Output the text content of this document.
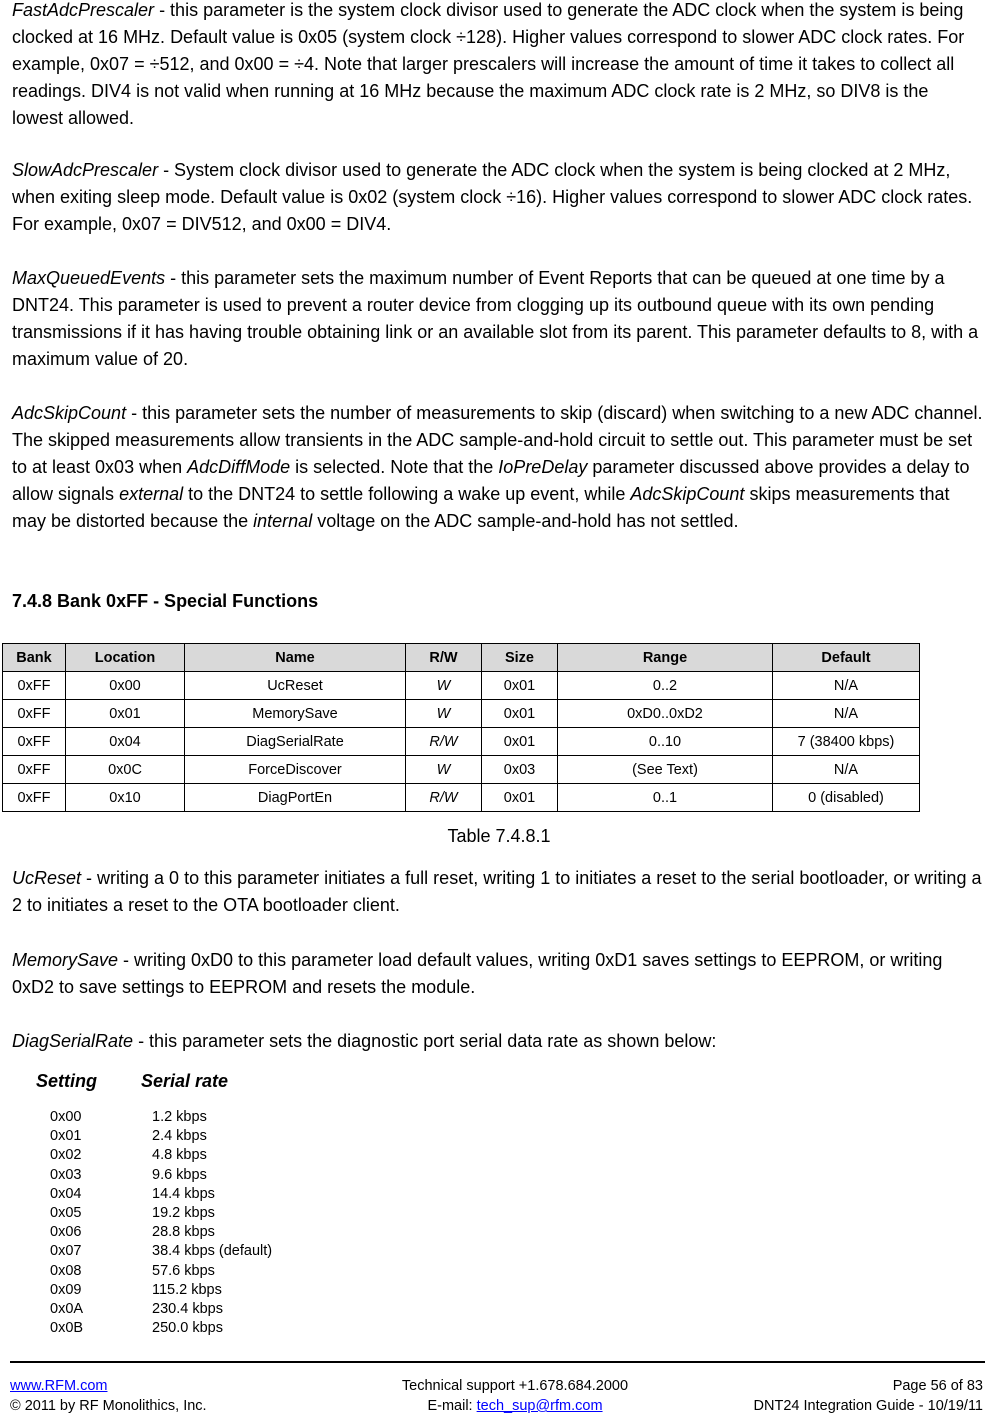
FastAdcPrescaler - this parameter is the system clock divisor used to generate the ADC clock when the system is being clocked at 16 MHz. Default value is 0x05 (system clock ÷128). Higher values correspond to slower ADC clock rates. For example, 0x07 = ÷512, and 0x00 = ÷4. Note that larger prescalers will increase the amount of time it takes to collect all readings. DIV4 is not valid when running at 16 MHz because the maximum ADC clock rate is 2 MHz, so DIV8 is the lowest allowed.
SlowAdcPrescaler - System clock divisor used to generate the ADC clock when the system is being clocked at 2 MHz, when exiting sleep mode. Default value is 0x02 (system clock ÷16). Higher values correspond to slower ADC clock rates. For example, 0x07 = DIV512, and 0x00 = DIV4.
MaxQueuedEvents - this parameter sets the maximum number of Event Reports that can be queued at one time by a DNT24. This parameter is used to prevent a router device from clogging up its outbound queue with its own pending transmissions if it has having trouble obtaining link or an available slot from its parent. This parameter defaults to 8, with a maximum value of 20.
AdcSkipCount - this parameter sets the number of measurements to skip (discard) when switching to a new ADC channel. The skipped measurements allow transients in the ADC sample-and-hold circuit to settle out. This parameter must be set to at least 0x03 when AdcDiffMode is selected. Note that the IoPreDelay parameter discussed above provides a delay to allow signals external to the DNT24 to settle following a wake up event, while AdcSkipCount skips measurements that may be distorted because the internal voltage on the ADC sample-and-hold has not settled.
7.4.8 Bank 0xFF - Special Functions
Bank	Location	Name	R/W	Size	Range	Default
0xFF	0x00	UcReset	W	0x01	0..2	N/A
0xFF	0x01	MemorySave	W	0x01	0xD0..0xD2	N/A
0xFF	0x04	DiagSerialRate	R/W	0x01	0..10	7 (38400 kbps)
0xFF	0x0C	ForceDiscover	W	0x03	(See Text)	N/A
0xFF	0x10	DiagPortEn	R/W	0x01	0..1	0 (disabled)
Table 7.4.8.1
UcReset - writing a 0 to this parameter initiates a full reset, writing 1 to initiates a reset to the serial bootloader, or writing a 2 to initiates a reset to the OTA bootloader client.
MemorySave - writing 0xD0 to this parameter load default values, writing 0xD1 saves settings to EEPROM, or writing 0xD2 to save settings to EEPROM and resets the module.
DiagSerialRate - this parameter sets the diagnostic port serial data rate as shown below:
Setting Serial rate
0x00	1.2 kbps
0x01	2.4 kbps
0x02	4.8 kbps
0x03	9.6 kbps
0x04	14.4 kbps
0x05	19.2 kbps
0x06	28.8 kbps
0x07	38.4 kbps (default)
0x08	57.6 kbps
0x09	115.2 kbps
0x0A	230.4 kbps
0x0B	250.0 kbps
www.RFM.com
© 2011 by RF Monolithics, Inc.
Technical support +1.678.684.2000
E-mail: tech_sup@rfm.com
Page 56 of 83
DNT24 Integration Guide - 10/19/11
